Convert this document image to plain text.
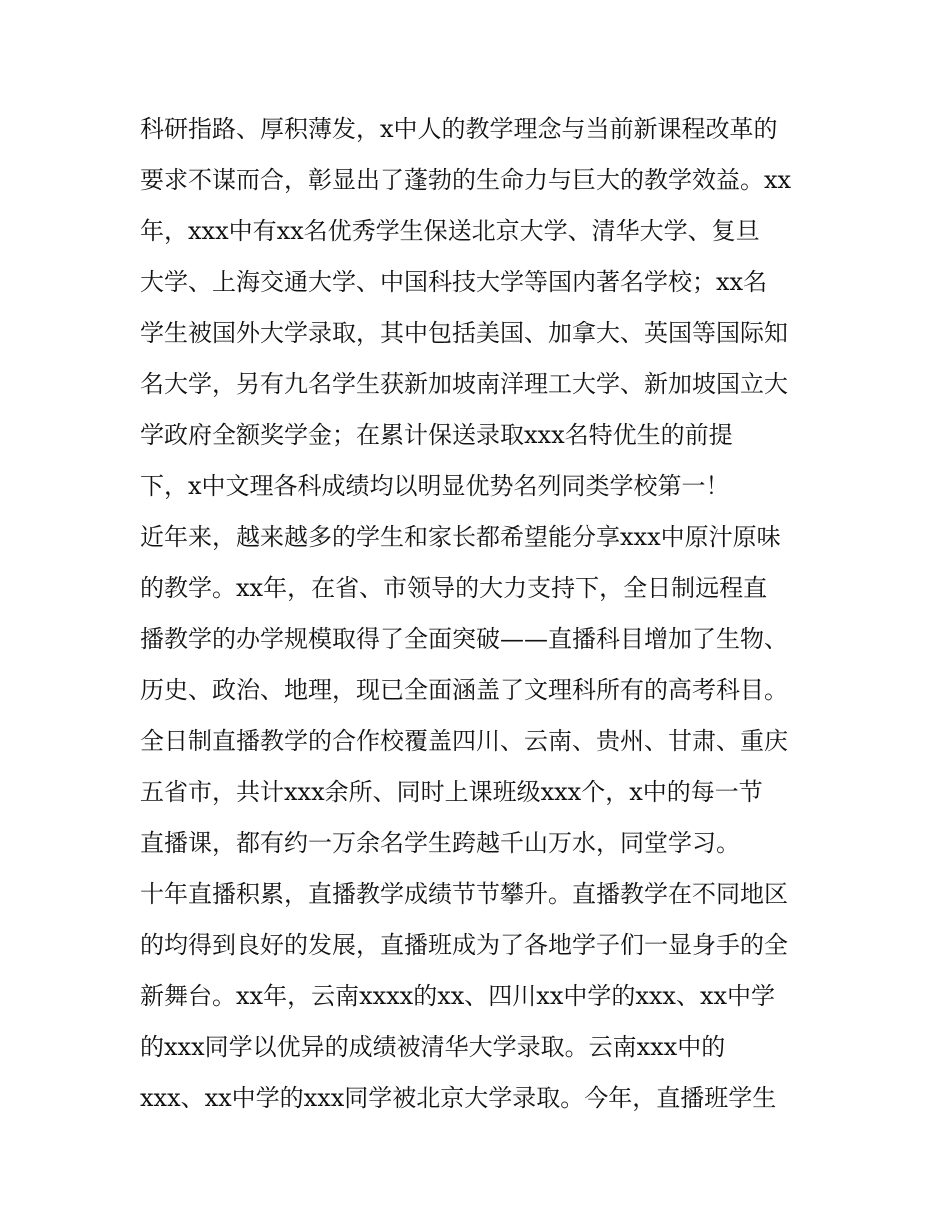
科研指路、厚积薄发，x中人的教学理念与当前新课程改革的
要求不谋而合，彰显出了蓬勃的生命力与巨大的教学效益。xx
年，xxx中有xx名优秀学生保送北京大学、清华大学、复旦
大学、上海交通大学、中国科技大学等国内著名学校；xx名
学生被国外大学录取，其中包括美国、加拿大、英国等国际知
名大学，另有九名学生获新加坡南洋理工大学、新加坡国立大
学政府全额奖学金；在累计保送录取xxx名特优生的前提
下，x中文理各科成绩均以明显优势名列同类学校第一！
近年来，越来越多的学生和家长都希望能分享xxx中原汁原味
的教学。xx年，在省、市领导的大力支持下，全日制远程直
播教学的办学规模取得了全面突破——直播科目增加了生物、
历史、政治、地理，现已全面涵盖了文理科所有的高考科目。
全日制直播教学的合作校覆盖四川、云南、贵州、甘肃、重庆
五省市，共计xxx余所、同时上课班级xxx个，x中的每一节
直播课，都有约一万余名学生跨越千山万水，同堂学习。
十年直播积累，直播教学成绩节节攀升。直播教学在不同地区
的均得到良好的发展，直播班成为了各地学子们一显身手的全
新舞台。xx年，云南xxxx的xx、四川xx中学的xxx、xx中学
的xxx同学以优异的成绩被清华大学录取。云南xxx中的
xxx、xx中学的xxx同学被北京大学录取。今年，直播班学生
